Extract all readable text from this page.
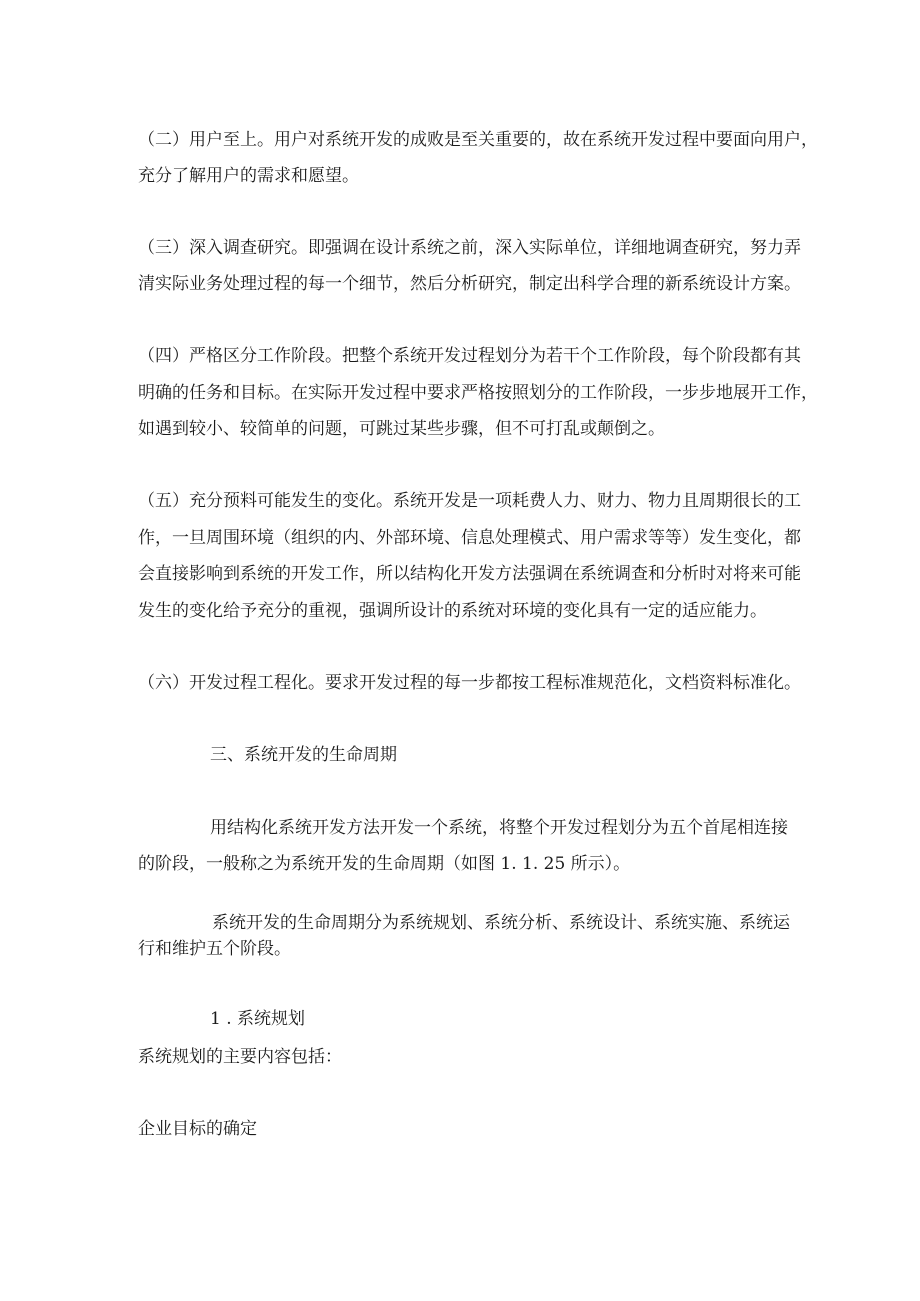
（二）用户至上。用户对系统开发的成败是至关重要的，故在系统开发过程中要面向用户，
充分了解用户的需求和愿望。
（三）深入调查研究。即强调在设计系统之前，深入实际单位，详细地调查研究，努力弄
清实际业务处理过程的每一个细节，然后分析研究，制定出科学合理的新系统设计方案。
（四）严格区分工作阶段。把整个系统开发过程划分为若干个工作阶段，每个阶段都有其
明确的任务和目标。在实际开发过程中要求严格按照划分的工作阶段，一步步地展开工作，
如遇到较小、较简单的问题，可跳过某些步骤，但不可打乱或颠倒之。
（五）充分预料可能发生的变化。系统开发是一项耗费人力、财力、物力且周期很长的工
作，一旦周围环境（组织的内、外部环境、信息处理模式、用户需求等等）发生变化，都
会直接影响到系统的开发工作，所以结构化开发方法强调在系统调查和分析时对将来可能
发生的变化给予充分的重视，强调所设计的系统对环境的变化具有一定的适应能力。
（六）开发过程工程化。要求开发过程的每一步都按工程标准规范化，文档资料标准化。
三、系统开发的生命周期
用结构化系统开发方法开发一个系统，将整个开发过程划分为五个首尾相连接
的阶段，一般称之为系统开发的生命周期（如图 1. 1. 25 所示）。
系统开发的生命周期分为系统规划、系统分析、系统设计、系统实施、系统运
行和维护五个阶段。
1 . 系统规划
系统规划的主要内容包括：
企业目标的确定
